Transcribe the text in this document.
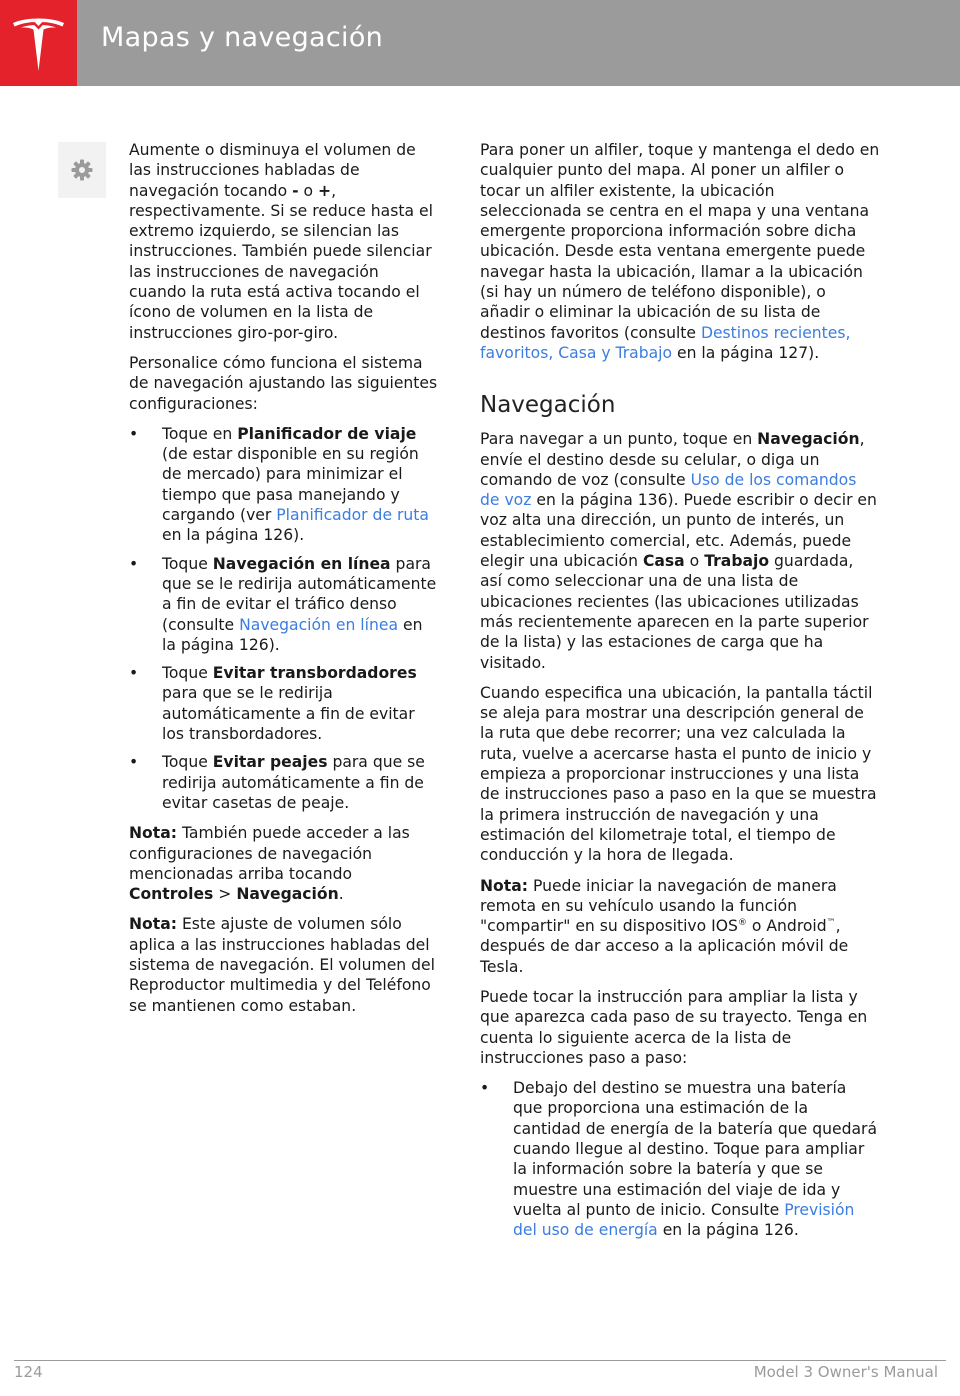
Mapas y navegación

Aumente o disminuya el volumen de las instrucciones habladas de navegación tocando - o +, respectivamente. Si se reduce hasta el extremo izquierdo, se silencian las instrucciones. También puede silenciar las instrucciones de navegación cuando la ruta está activa tocando el ícono de volumen en la lista de instrucciones giro-por-giro.

Personalice cómo funciona el sistema de navegación ajustando las siguientes configuraciones:

• Toque en Planificador de viaje (de estar disponible en su región de mercado) para minimizar el tiempo que pasa manejando y cargando (ver Planificador de ruta en la página 126).
• Toque Navegación en línea para que se le redirija automáticamente a fin de evitar el tráfico denso (consulte Navegación en línea en la página 126).
• Toque Evitar transbordadores para que se le redirija automáticamente a fin de evitar los transbordadores.
• Toque Evitar peajes para que se redirija automáticamente a fin de evitar casetas de peaje.

Nota: También puede acceder a las configuraciones de navegación mencionadas arriba tocando Controles > Navegación.

Nota: Este ajuste de volumen sólo aplica a las instrucciones habladas del sistema de navegación. El volumen del Reproductor multimedia y del Teléfono se mantienen como estaban.

Para poner un alfiler, toque y mantenga el dedo en cualquier punto del mapa. Al poner un alfiler o tocar un alfiler existente, la ubicación seleccionada se centra en el mapa y una ventana emergente proporciona información sobre dicha ubicación. Desde esta ventana emergente puede navegar hasta la ubicación, llamar a la ubicación (si hay un número de teléfono disponible), o añadir o eliminar la ubicación de su lista de destinos favoritos (consulte Destinos recientes, favoritos, Casa y Trabajo en la página 127).

Navegación

Para navegar a un punto, toque en Navegación, envíe el destino desde su celular, o diga un comando de voz (consulte Uso de los comandos de voz en la página 136). Puede escribir o decir en voz alta una dirección, un punto de interés, un establecimiento comercial, etc. Además, puede elegir una ubicación Casa o Trabajo guardada, así como seleccionar una de una lista de ubicaciones recientes (las ubicaciones utilizadas más recientemente aparecen en la parte superior de la lista) y las estaciones de carga que ha visitado.

Cuando especifica una ubicación, la pantalla táctil se aleja para mostrar una descripción general de la ruta que debe recorrer; una vez calculada la ruta, vuelve a acercarse hasta el punto de inicio y empieza a proporcionar instrucciones y una lista de instrucciones paso a paso en la que se muestra la primera instrucción de navegación y una estimación del kilometraje total, el tiempo de conducción y la hora de llegada.

Nota: Puede iniciar la navegación de manera remota en su vehículo usando la función "compartir" en su dispositivo IOS® o Android™, después de dar acceso a la aplicación móvil de Tesla.

Puede tocar la instrucción para ampliar la lista y que aparezca cada paso de su trayecto. Tenga en cuenta lo siguiente acerca de la lista de instrucciones paso a paso:

• Debajo del destino se muestra una batería que proporciona una estimación de la cantidad de energía de la batería que quedará cuando llegue al destino. Toque para ampliar la información sobre la batería y que se muestre una estimación del viaje de ida y vuelta al punto de inicio. Consulte Previsión del uso de energía en la página 126.
124	Model 3 Owner's Manual
